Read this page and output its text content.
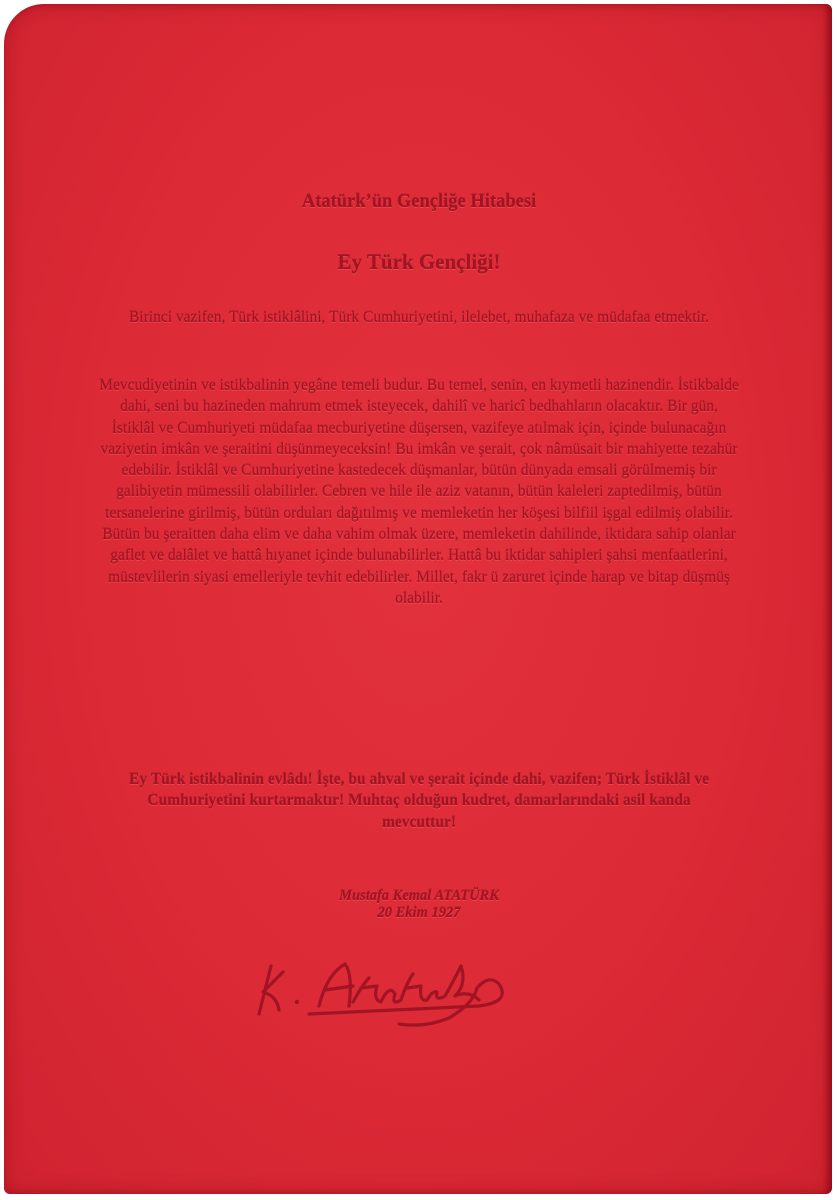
Atatürk’ün Gençliğe Hitabesi
Ey Türk Gençliği!
Birinci vazifen, Türk istiklâlini, Türk Cumhuriyetini, ilelebet, muhafaza ve müdafaa etmektir.
Mevcudiyetinin ve istikbalinin yegâne temeli budur. Bu temel, senin, en kıymetli hazinendir. İstikbalde dahi, seni bu hazineden mahrum etmek isteyecek, dahilî ve haricî bedhahların olacaktır. Bir gün, İstiklâl ve Cumhuriyeti müdafaa mecburiyetine düşersen, vazifeye atılmak için, içinde bulunacağın vaziyetin imkân ve şeraitini düşünmeyeceksin! Bu imkân ve şerait, çok nâmüsait bir mahiyette tezahür edebilir. İstiklâl ve Cumhuriyetine kastedecek düşmanlar, bütün dünyada emsali görülmemiş bir galibiyetin mümessili olabilirler. Cebren ve hile ile aziz vatanın, bütün kaleleri zaptedilmiş, bütün tersanelerine girilmiş, bütün orduları dağıtılmış ve memleketin her köşesi bilfiil işgal edilmiş olabilir. Bütün bu şeraitten daha elim ve daha vahim olmak üzere, memleketin dahilinde, iktidara sahip olanlar gaflet ve dalâlet ve hattâ hıyanet içinde bulunabilirler. Hattâ bu iktidar sahipleri şahsi menfaatlerini, müstevlilerin siyasi emelleriyle tevhit edebilirler. Millet, fakr ü zaruret içinde harap ve bitap düşmüş olabilir.
Ey Türk istikbalinin evlâdı! İşte, bu ahval ve şerait içinde dahi, vazifen; Türk İstiklâl ve Cumhuriyetini kurtarmaktır! Muhtaç olduğun kudret, damarlarındaki asil kanda mevcuttur!
Mustafa Kemal ATATÜRK
20 Ekim 1927
